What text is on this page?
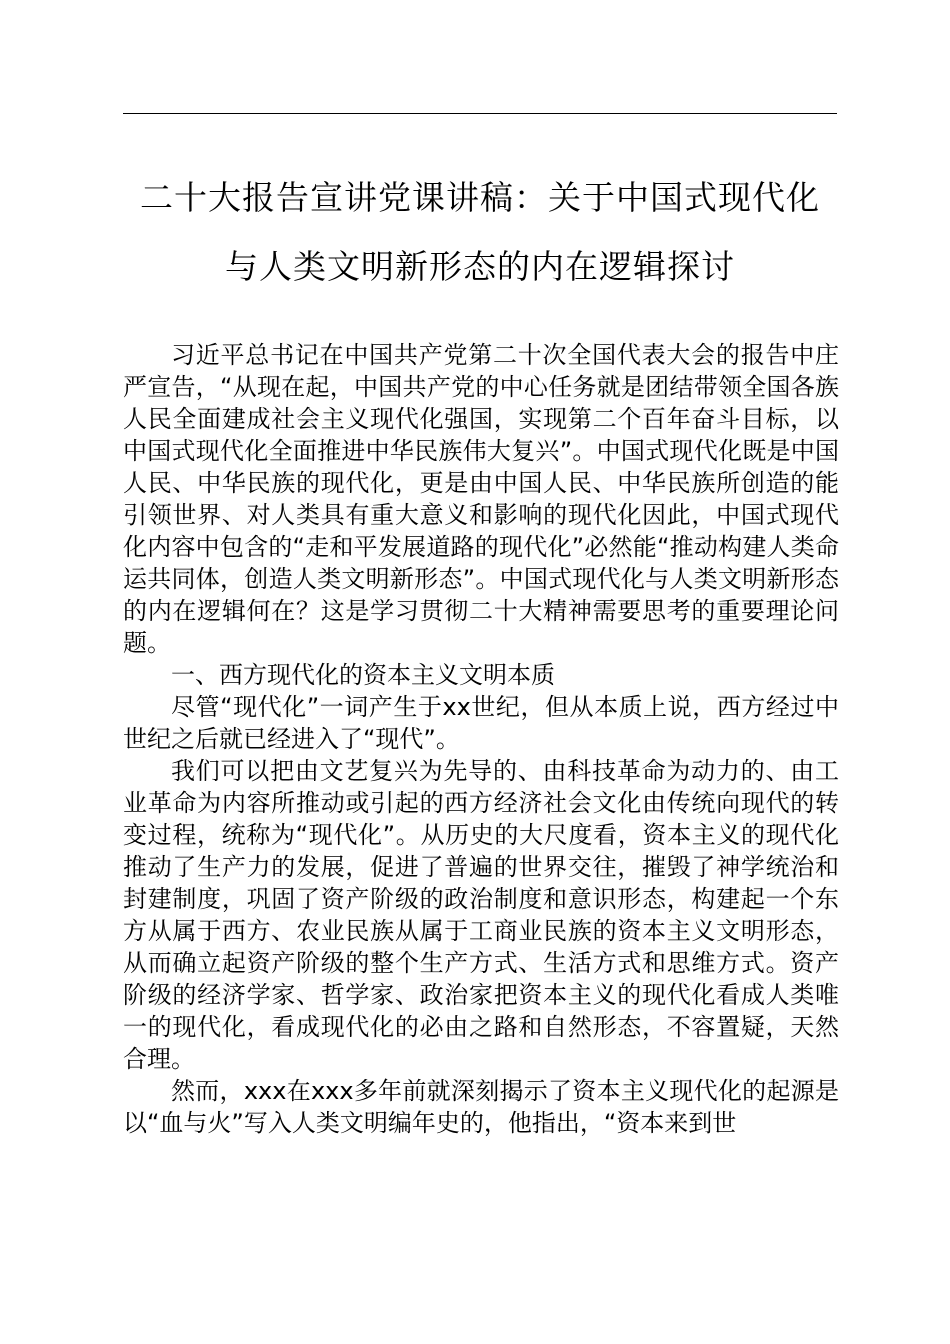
二十大报告宣讲党课讲稿：关于中国式现代化
与人类文明新形态的内在逻辑探讨

习近平总书记在中国共产党第二十次全国代表大会的报告中庄严宣告，“从现在起，中国共产党的中心任务就是团结带领全国各族人民全面建成社会主义现代化强国，实现第二个百年奋斗目标，以中国式现代化全面推进中华民族伟大复兴”。中国式现代化既是中国人民、中华民族的现代化，更是由中国人民、中华民族所创造的能引领世界、对人类具有重大意义和影响的现代化因此，中国式现代化内容中包含的“走和平发展道路的现代化”必然能“推动构建人类命运共同体，创造人类文明新形态”。中国式现代化与人类文明新形态的内在逻辑何在？这是学习贯彻二十大精神需要思考的重要理论问题。

一、西方现代化的资本主义文明本质

尽管“现代化”一词产生于xx世纪，但从本质上说，西方经过中世纪之后就已经进入了“现代”。

我们可以把由文艺复兴为先导的、由科技革命为动力的、由工业革命为内容所推动或引起的西方经济社会文化由传统向现代的转变过程，统称为“现代化”。从历史的大尺度看，资本主义的现代化推动了生产力的发展，促进了普遍的世界交往，摧毁了神学统治和封建制度，巩固了资产阶级的政治制度和意识形态，构建起一个东方从属于西方、农业民族从属于工商业民族的资本主义文明形态，从而确立起资产阶级的整个生产方式、生活方式和思维方式。资产阶级的经济学家、哲学家、政治家把资本主义的现代化看成人类唯一的现代化，看成现代化的必由之路和自然形态，不容置疑，天然合理。

然而，xxx在xxx多年前就深刻揭示了资本主义现代化的起源是以“血与火”写入人类文明编年史的，他指出，“资本来到世
